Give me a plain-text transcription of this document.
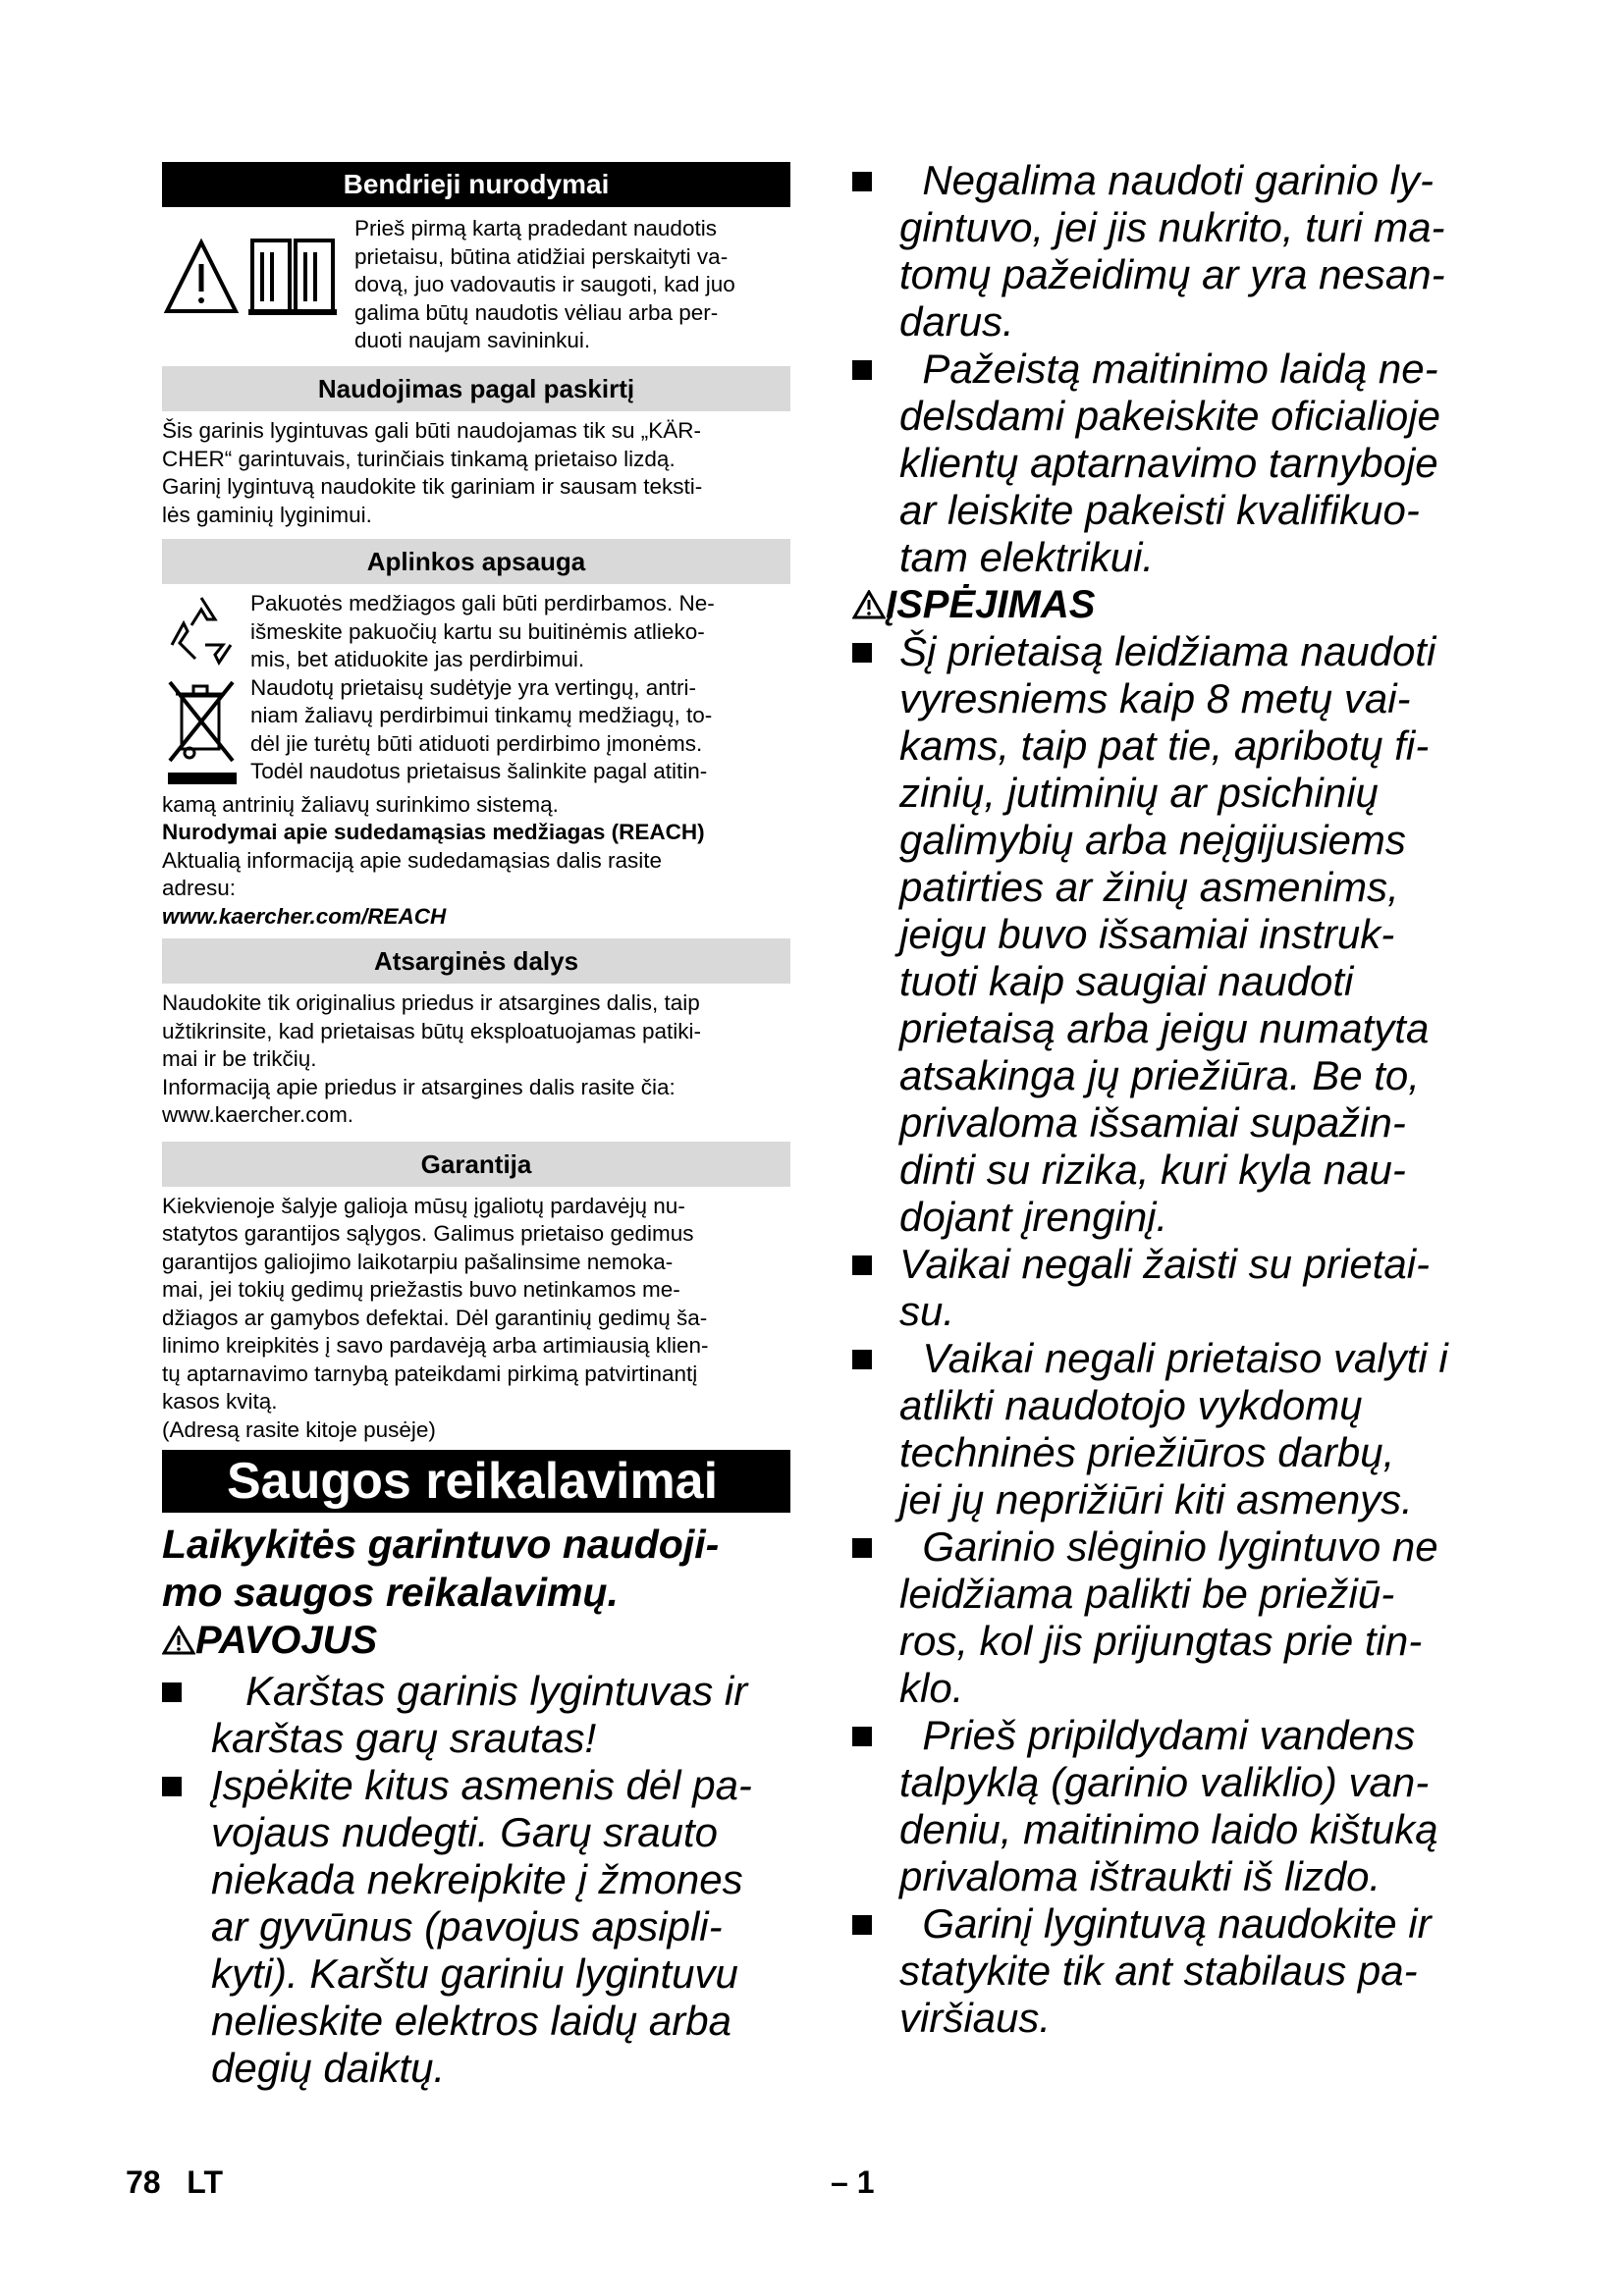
Bendrieji nurodymai

Prieš pirmą kartą pradedant naudotis

prietaisu, būtina atidžiai perskaityti va-

dovą, juo vadovautis ir saugoti, kad juo

galima būtų naudotis vėliau arba per-

duoti naujam savininkui.

Naudojimas pagal paskirtį

Šis garinis lygintuvas gali būti naudojamas tik su „KÄR-

CHER“ garintuvais, turinčiais tinkamą prietaiso lizdą.

Garinį lygintuvą naudokite tik gariniam ir sausam teksti-

lės gaminių lyginimui.

Aplinkos apsauga

Pakuotės medžiagos gali būti perdirbamos. Ne-

išmeskite pakuočių kartu su buitinėmis atlieko-

mis, bet atiduokite jas perdirbimui.

Naudotų prietaisų sudėtyje yra vertingų, antri-

niam žaliavų perdirbimui tinkamų medžiagų, to-

dėl jie turėtų būti atiduoti perdirbimo įmonėms.

Todėl naudotus prietaisus šalinkite pagal atitin-

kamą antrinių žaliavų surinkimo sistemą.

Nurodymai apie sudedamąsias medžiagas (REACH)

Aktualią informaciją apie sudedamąsias dalis rasite

adresu:

www.kaercher.com/REACH

Atsarginės dalys

Naudokite tik originalius priedus ir atsargines dalis, taip

užtikrinsite, kad prietaisas būtų eksploatuojamas patiki-

mai ir be trikčių.

Informaciją apie priedus ir atsargines dalis rasite čia:

www.kaercher.com.

Garantija

Kiekvienoje šalyje galioja mūsų įgaliotų pardavėjų nu-

statytos garantijos sąlygos. Galimus prietaiso gedimus

garantijos galiojimo laikotarpiu pašalinsime nemoka-

mai, jei tokių gedimų priežastis buvo netinkamos me-

džiagos ar gamybos defektai. Dėl garantinių gedimų ša-

linimo kreipkitės į savo pardavėją arba artimiausią klien-

tų aptarnavimo tarnybą pateikdami pirkimą patvirtinantį

kasos kvitą.

(Adresą rasite kitoje pusėje)

Saugos reikalavimai
Laikykitės garintuvo naudoji-
mo saugos reikalavimų.
PAVOJUS
Karštas garinis lygintuvas ir
karštas garų srautas!
Įspėkite kitus asmenis dėl pa-
vojaus nudegti. Garų srauto
niekada nekreipkite į žmones
ar gyvūnus (pavojus apsipli-
kyti). Karštu gariniu lygintuvu
nelieskite elektros laidų arba
degių daiktų.
Negalima naudoti garinio ly-
gintuvo, jei jis nukrito, turi ma-
tomų pažeidimų ar yra nesan-
darus.
Pažeistą maitinimo laidą ne-
delsdami pakeiskite oficialioje
klientų aptarnavimo tarnyboje
ar leiskite pakeisti kvalifikuo-
tam elektrikui.
ĮSPĖJIMAS
Šį prietaisą leidžiama naudoti
vyresniems kaip 8 metų vai-
kams, taip pat tie, apribotų fi-
zinių, jutiminių ar psichinių
galimybių arba neįgijusiems
patirties ar žinių asmenims,
jeigu buvo išsamiai instruk-
tuoti kaip saugiai naudoti
prietaisą arba jeigu numatyta
atsakinga jų priežiūra. Be to,
privaloma išsamiai supažin-
dinti su rizika, kuri kyla nau-
dojant įrenginį.
Vaikai negali žaisti su prietai-
su.
Vaikai negali prietaiso valyti i
atlikti naudotojo vykdomų
techninės priežiūros darbų,
jei jų neprižiūri kiti asmenys.
Garinio slėginio lygintuvo ne
leidžiama palikti be priežiū-
ros, kol jis prijungtas prie tin-
klo.
Prieš pripildydami vandens
talpyklą (garinio valiklio) van-
deniu, maitinimo laido kištuką
privaloma ištraukti iš lizdo.
Garinį lygintuvą naudokite ir
statykite tik ant stabilaus pa-
viršiaus.
78   LT	– 1
